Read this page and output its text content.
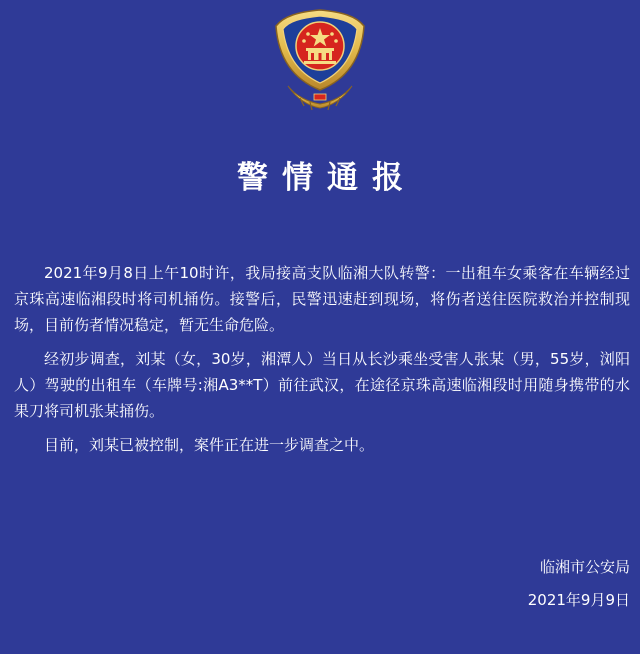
警情通报

2021年9月8日上午10时许，我局接高支队临湘大队转警：一出租车女乘客在车辆经过京珠高速临湘段时将司机捅伤。接警后，民警迅速赶到现场，将伤者送往医院救治并控制现场，目前伤者情况稳定，暂无生命危险。

经初步调查，刘某（女，30岁，湘潭人）当日从长沙乘坐受害人张某（男，55岁，浏阳人）驾驶的出租车（车牌号:湘A3**T）前往武汉，在途径京珠高速临湘段时用随身携带的水果刀将司机张某捅伤。

目前，刘某已被控制，案件正在进一步调查之中。

临湘市公安局
2021年9月9日
